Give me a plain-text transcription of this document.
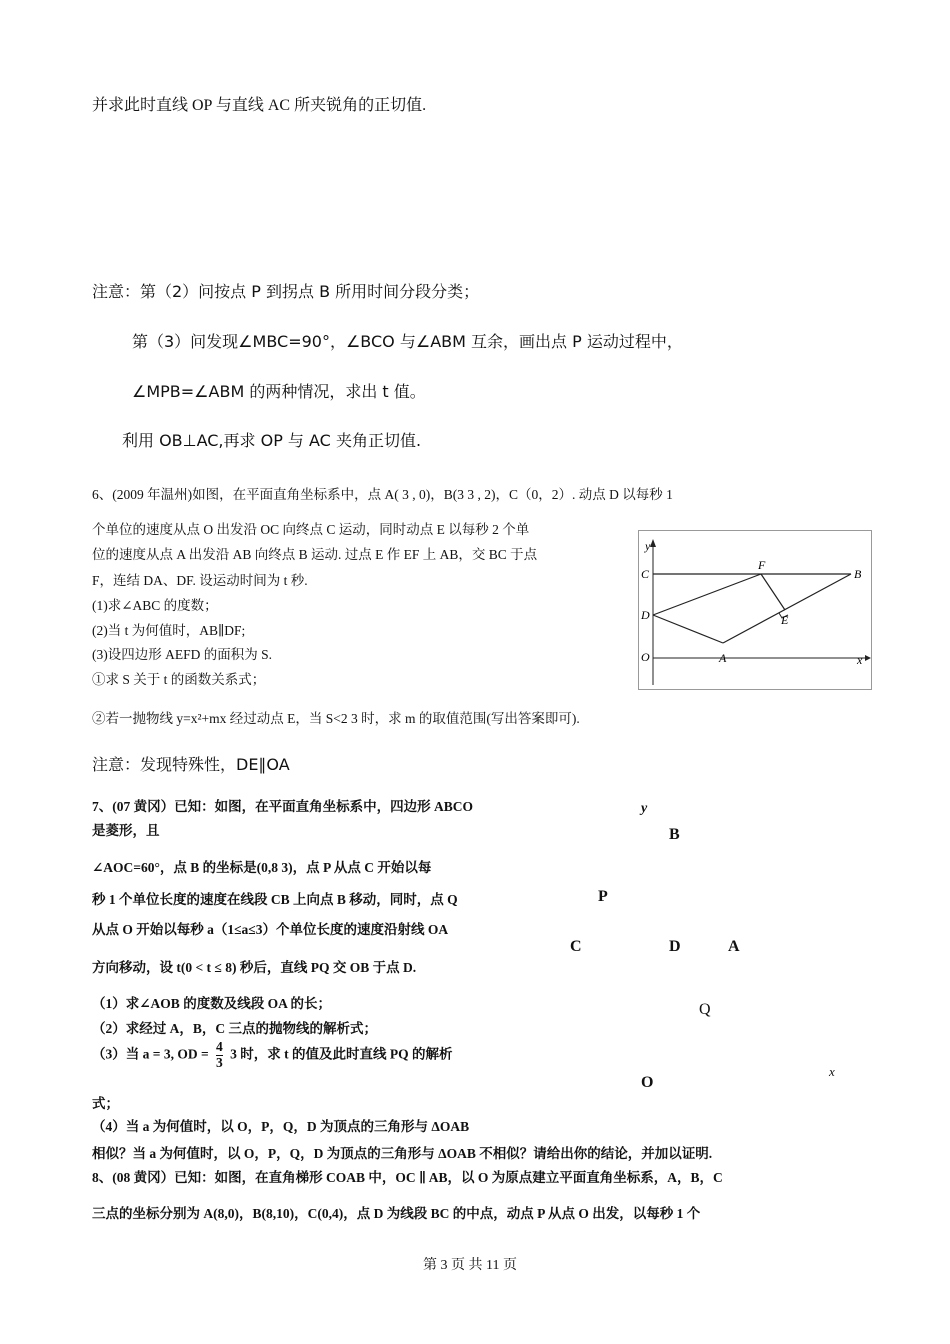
并求此时直线 OP 与直线 AC 所夹锐角的正切值.
注意：第（2）问按点 P 到拐点 B 所用时间分段分类；
第（3）问发现∠MBC=90°，∠BCO 与∠ABM 互余，画出点 P 运动过程中，
∠MPB=∠ABM 的两种情况，求出 t 值。
利用 OB⊥AC,再求 OP 与 AC 夹角正切值.
6、(2009 年温州)如图，在平面直角坐标系中，点 A( 3 , 0)，B(3 3 , 2)，C（0，2）. 动点 D 以每秒 1
个单位的速度从点 O 出发沿 OC 向终点 C 运动，同时动点 E 以每秒 2 个单
位的速度从点 A 出发沿 AB 向终点 B 运动. 过点 E 作 EF 上 AB，交 BC 于点
F，连结 DA、DF. 设运动时间为 t 秒.
(1)求∠ABC 的度数；
(2)当 t 为何值时，AB∥DF;
(3)设四边形 AEFD 的面积为 S.
①求 S 关于 t 的函数关系式；
②若一抛物线 y=x²+mx 经过动点 E，当 S<2 3 时，求 m 的取值范围(写出答案即可).
y
C
F
B
D	E
O	A	x
注意：发现特殊性，DE∥OA
7、(07 黄冈）已知：如图，在平面直角坐标系中，四边形 ABCO
是菱形，且
∠AOC=60°，点 B 的坐标是(0,8 3)，点 P 从点 C 开始以每
秒 1 个单位长度的速度在线段 CB 上向点 B 移动，同时，点 Q
从点 O 开始以每秒 a（1≤a≤3）个单位长度的速度沿射线 OA
方向移动，设 t(0 < t ≤ 8) 秒后，直线 PQ 交 OB 于点 D.
（1）求∠AOB 的度数及线段 OA 的长；
（2）求经过 A，B，C 三点的抛物线的解析式；
（3）当 a = 3, OD = $\frac{4}{3} 3$ 时，求 t 的值及此时直线 PQ 的解析
式；
（4）当 a 为何值时，以 O，P，Q，D 为顶点的三角形与 ΔOAB
相似？当 a 为何值时，以 O，P，Q，D 为顶点的三角形与 ΔOAB 不相似？请给出你的结论，并加以证明.
y
B
P
C	D	A
Q
x
O
8、(08 黄冈）已知：如图，在直角梯形 COAB 中，OC ∥ AB，以 O 为原点建立平面直角坐标系，A，B，C
三点的坐标分别为 A(8,0)，B(8,10)，C(0,4)，点 D 为线段 BC 的中点，动点 P 从点 O 出发，以每秒 1 个
第 3 页 共 11 页
